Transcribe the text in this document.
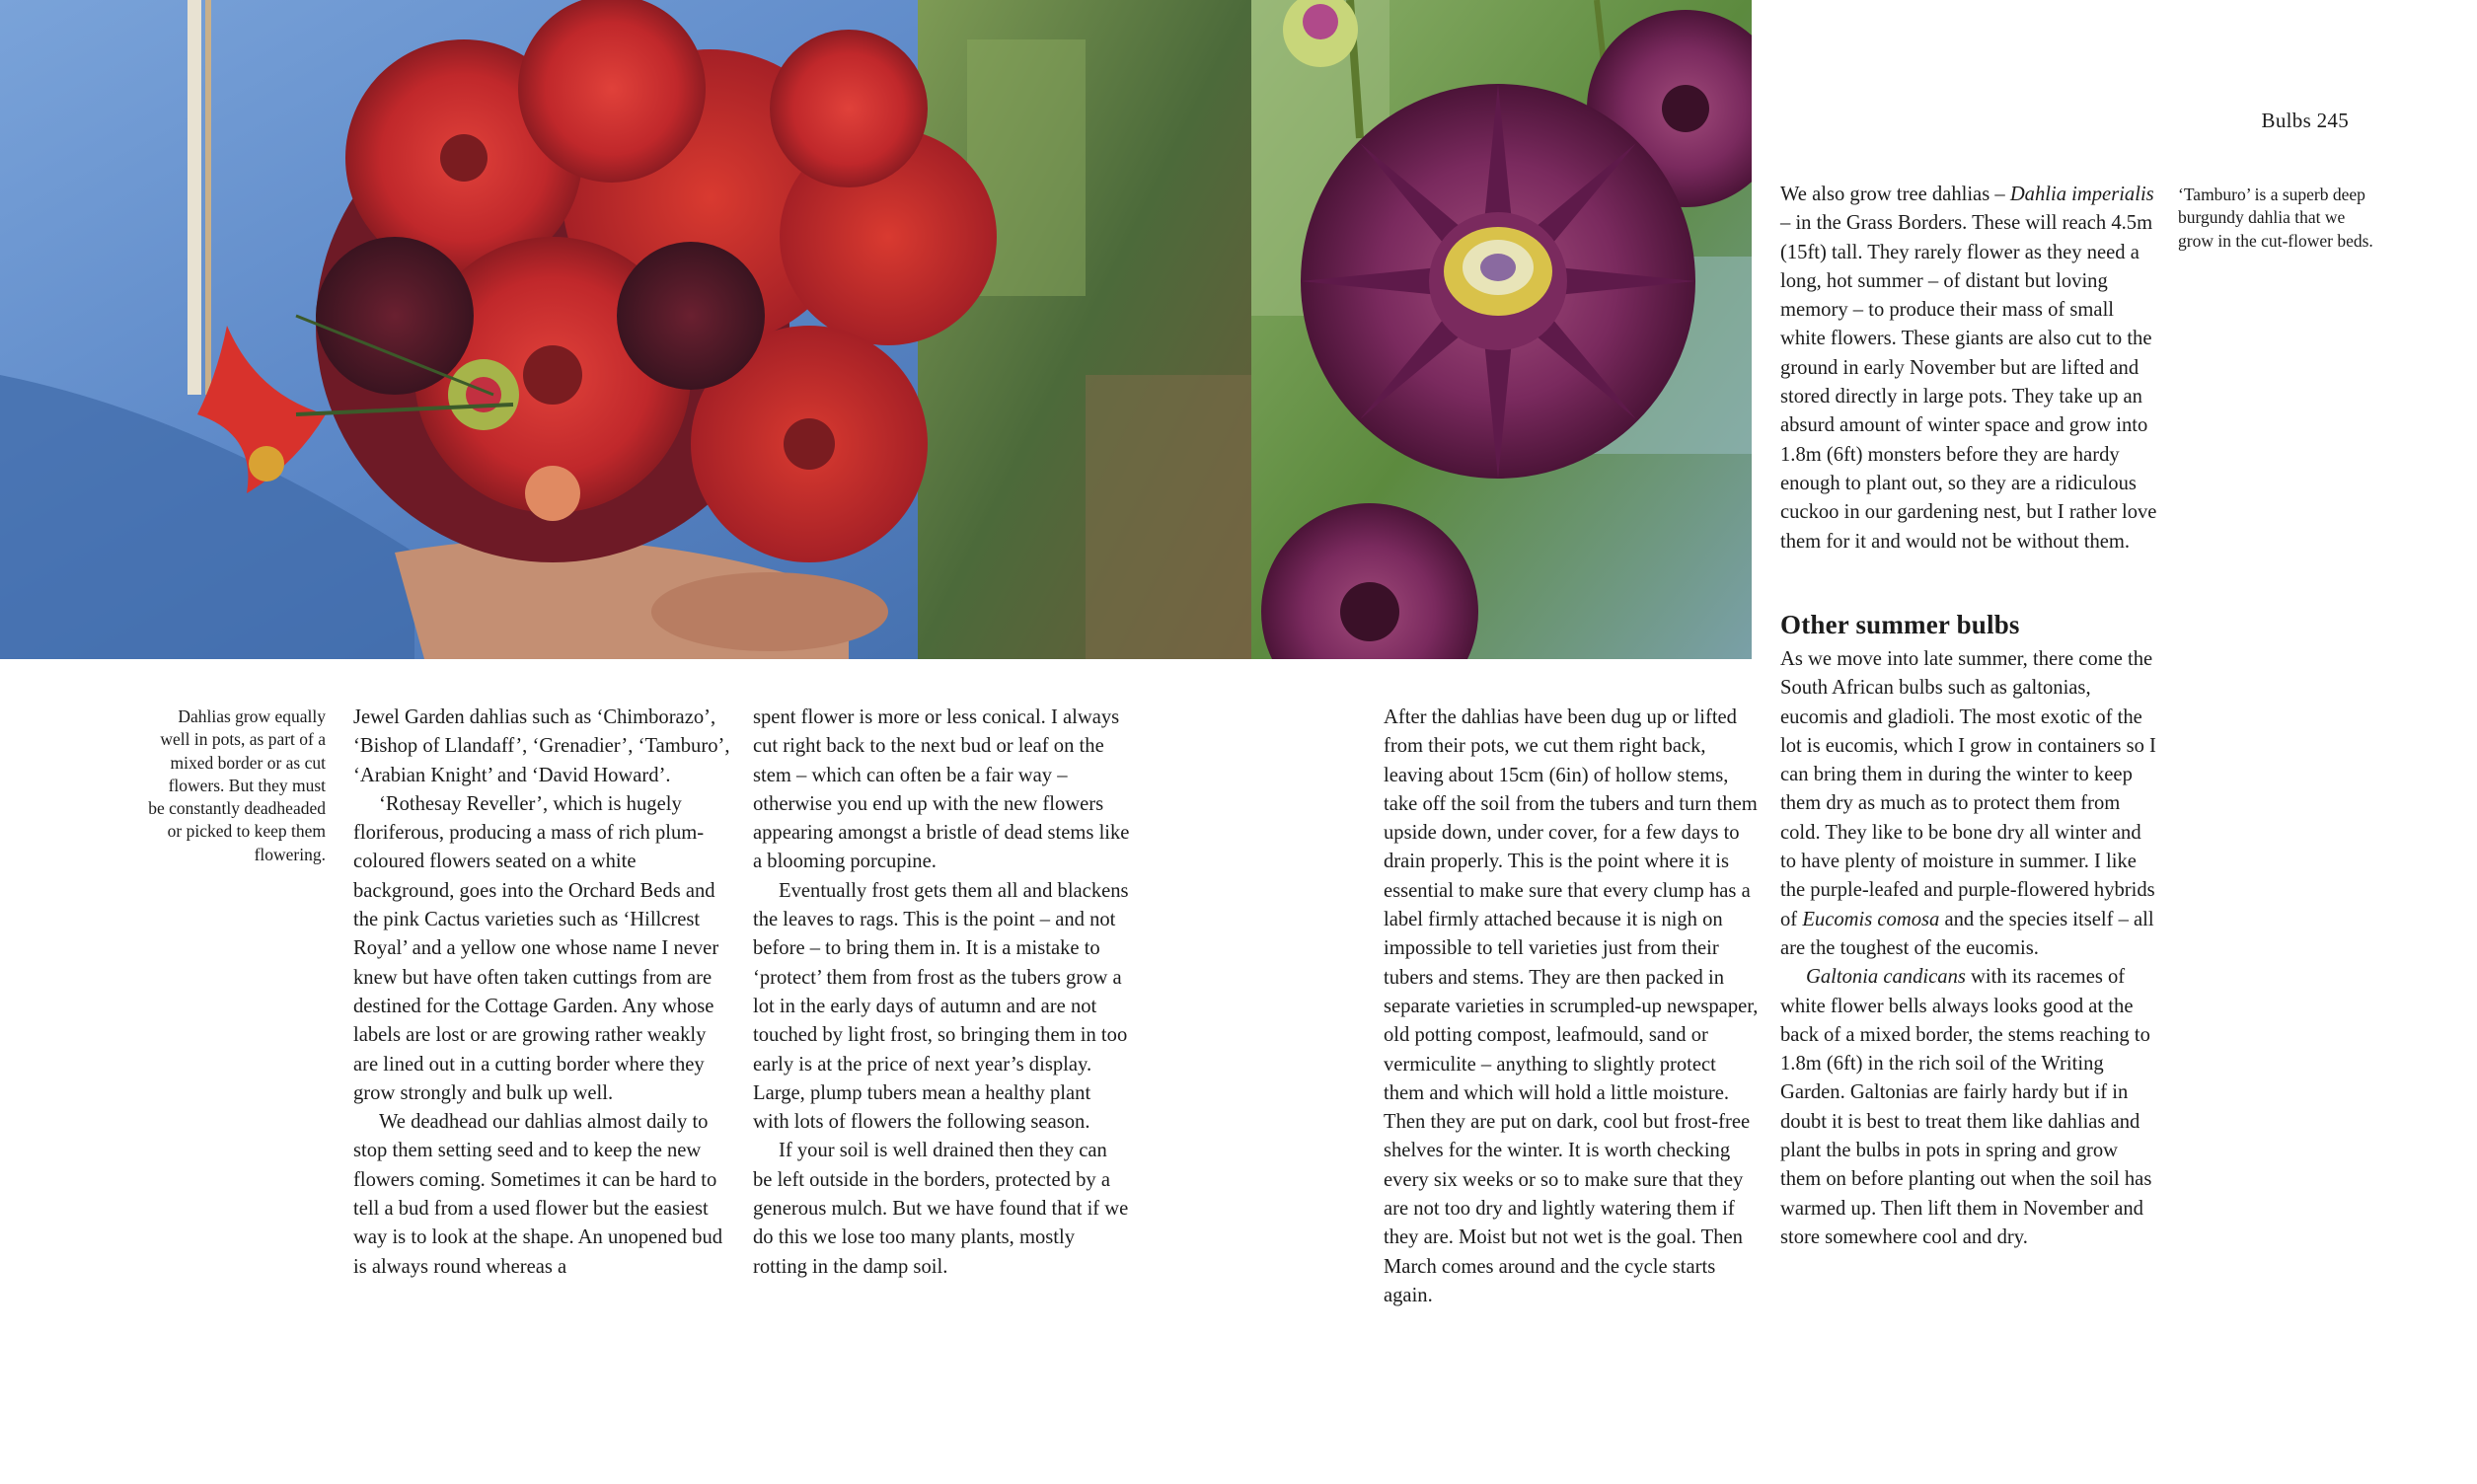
Bulbs 245
Dahlias grow equally well in pots, as part of a mixed border or as cut flowers. But they must be constantly deadheaded or picked to keep them flowering.
‘Tamburo’ is a superb deep burgundy dahlia that we grow in the cut-flower beds.

Jewel Garden dahlias such as ‘Chimborazo’, ‘Bishop of Llandaff’, ‘Grenadier’, ‘Tamburo’, ‘Arabian Knight’ and ‘David Howard’.

‘Rothesay Reveller’, which is hugely floriferous, producing a mass of rich plum-coloured flowers seated on a white background, goes into the Orchard Beds and the pink Cactus varieties such as ‘Hillcrest Royal’ and a yellow one whose name I never knew but have often taken cuttings from are destined for the Cottage Garden. Any whose labels are lost or are growing rather weakly are lined out in a cutting border where they grow strongly and bulk up well.

We deadhead our dahlias almost daily to stop them setting seed and to keep the new flowers coming. Sometimes it can be hard to tell a bud from a used flower but the easiest way is to look at the shape. An unopened bud is always round whereas a

spent flower is more or less conical. I always cut right back to the next bud or leaf on the stem – which can often be a fair way – otherwise you end up with the new flowers appearing amongst a bristle of dead stems like a blooming porcupine.

Eventually frost gets them all and blackens the leaves to rags. This is the point – and not before – to bring them in. It is a mistake to ‘protect’ them from frost as the tubers grow a lot in the early days of autumn and are not touched by light frost, so bringing them in too early is at the price of next year’s display. Large, plump tubers mean a healthy plant with lots of flowers the following season.

If your soil is well drained then they can be left outside in the borders, protected by a generous mulch. But we have found that if we do this we lose too many plants, mostly rotting in the damp soil.

After the dahlias have been dug up or lifted from their pots, we cut them right back, leaving about 15cm (6in) of hollow stems, take off the soil from the tubers and turn them upside down, under cover, for a few days to drain properly. This is the point where it is essential to make sure that every clump has a label firmly attached because it is nigh on impossible to tell varieties just from their tubers and stems. They are then packed in separate varieties in scrumpled-up newspaper, old potting compost, leafmould, sand or vermiculite – anything to slightly protect them and which will hold a little moisture. Then they are put on dark, cool but frost-free shelves for the winter. It is worth checking every six weeks or so to make sure that they are not too dry and lightly watering them if they are. Moist but not wet is the goal. Then March comes around and the cycle starts again.

We also grow tree dahlias – Dahlia imperialis – in the Grass Borders. These will reach 4.5m (15ft) tall. They rarely flower as they need a long, hot summer – of distant but loving memory – to produce their mass of small white flowers. These giants are also cut to the ground in early November but are lifted and stored directly in large pots. They take up an absurd amount of winter space and grow into 1.8m (6ft) monsters before they are hardy enough to plant out, so they are a ridiculous cuckoo in our gardening nest, but I rather love them for it and would not be without them.

Other summer bulbs

As we move into late summer, there come the South African bulbs such as galtonias, eucomis and gladioli. The most exotic of the lot is eucomis, which I grow in containers so I can bring them in during the winter to keep them dry as much as to protect them from cold. They like to be bone dry all winter and to have plenty of moisture in summer. I like the purple-leafed and purple-flowered hybrids of Eucomis comosa and the species itself – all are the toughest of the eucomis.

Galtonia candicans with its racemes of white flower bells always looks good at the back of a mixed border, the stems reaching to 1.8m (6ft) in the rich soil of the Writing Garden. Galtonias are fairly hardy but if in doubt it is best to treat them like dahlias and plant the bulbs in pots in spring and grow them on before planting out when the soil has warmed up. Then lift them in November and store somewhere cool and dry.
